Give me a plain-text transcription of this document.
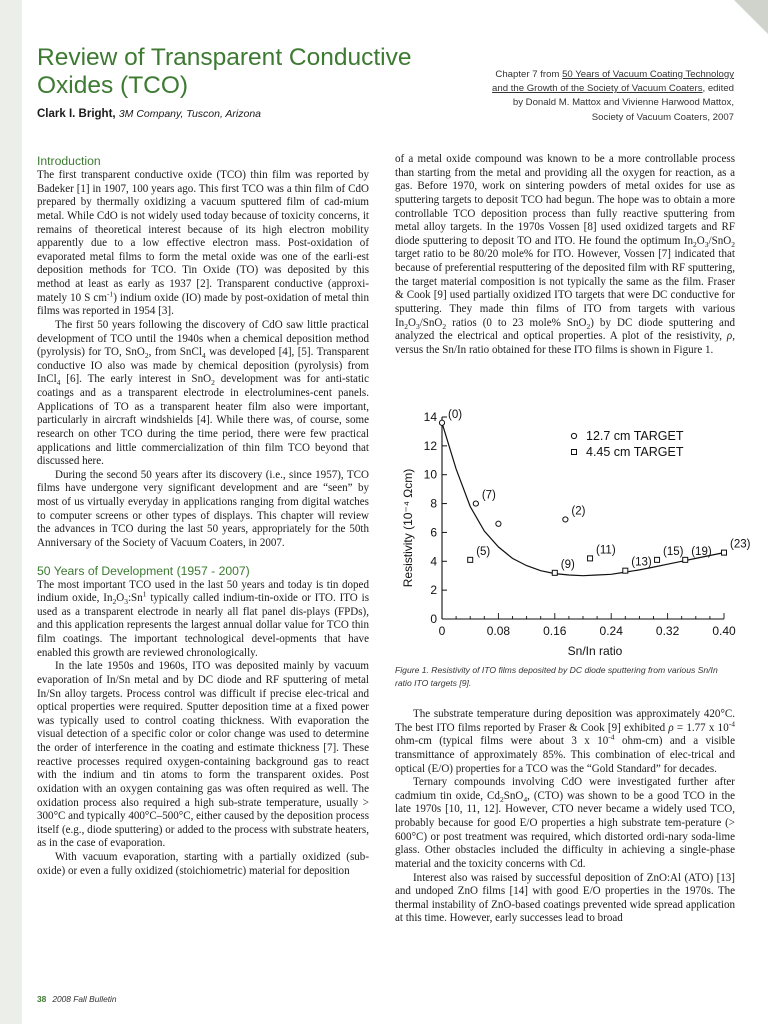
Review of Transparent Conductive Oxides (TCO)
Clark I. Bright, 3M Company, Tuscon, Arizona
Chapter 7 from 50 Years of Vacuum Coating Technology
and the Growth of the Society of Vacuum Coaters, edited
by Donald M. Mattox and Vivienne Harwood Mattox,
Society of Vacuum Coaters, 2007
Introduction

The first transparent conductive oxide (TCO) thin film was reported by Badeker [1] in 1907, 100 years ago. This first TCO was a thin film of CdO prepared by thermally oxidizing a vacuum sputtered film of cad-mium metal. While CdO is not widely used today because of toxicity concerns, it remains of theoretical interest because of its high electron mobility apparently due to a low effective electron mass. Post-oxidation of evaporated metal films to form the metal oxide was one of the earli-est deposition methods for TCO. Tin Oxide (TO) was deposited by this method at least as early as 1937 [2]. Transparent conductive (approxi-mately 10 S $cm^{-1}$) indium oxide (IO) made by post-oxidation of metal thin films was reported in 1954 [3].

The first 50 years following the discovery of CdO saw little practical development of TCO until the 1940s when a chemical deposition method (pyrolysis) for TO, SnO$_2$, from SnCl$_4$ was developed [4], [5]. Transparent conductive IO also was made by chemical deposition (pyrolysis) from InCl$_4$ [6]. The early interest in SnO$_2$ development was for anti-static coatings and as a transparent electrode in electrolumines-cent panels. Applications of TO as a transparent heater film also were important, particularly in aircraft windshields [4]. While there was, of course, some research on other TCO during the time period, there were few practical applications and little commercialization of thin film TCO beyond that discussed here.

During the second 50 years after its discovery (i.e., since 1957), TCO films have undergone very significant development and are “seen” by most of us virtually everyday in applications ranging from digital watches to computer screens or other types of displays. This chapter will review the advances in TCO during the last 50 years, appropriately for the 50th Anniversary of the Society of Vacuum Coaters, in 2007.

50 Years of Development (1957 - 2007)

The most important TCO used in the last 50 years and today is tin doped indium oxide, $In_2O_3:Sn^1$ typically called indium-tin-oxide or ITO. ITO is used as a transparent electrode in nearly all flat panel dis-plays (FPDs), and this application represents the largest annual dollar value for TCO thin film coatings. The important technological devel-opments that have enabled this growth are reviewed chronologically.

In the late 1950s and 1960s, ITO was deposited mainly by vacuum evaporation of In/Sn metal and by DC diode and RF sputtering of metal In/Sn alloy targets. Process control was difficult if precise elec-trical and optical properties were required. Sputter deposition time at a fixed power was typically used to control coating thickness. With evaporation the visual detection of a specific color or color change was used to determine the order of interference in the coating and estimate thickness [7]. These reactive processes required oxygen-containing background gas to react with the indium and tin atoms to form the transparent oxides. Post oxidation with an oxygen containing gas was often required as well. The oxidation process also required a high sub-strate temperature, usually > 300°C and typically 400°C–500°C, either caused by the deposition process itself (e.g., diode sputtering) or added to the process with substrate heaters, as in the case of evaporation.

With vacuum evaporation, starting with a partially oxidized (sub-oxide) or even a fully oxidized (stoichiometric) material for deposition

of a metal oxide compound was known to be a more controllable process than starting from the metal and providing all the oxygen for reaction, as a gas. Before 1970, work on sintering powders of metal oxides for use as sputtering targets to deposit TCO had begun. The hope was to obtain a more controllable TCO deposition process than fully reactive sputtering from metal alloy targets. In the 1970s Vossen [8] used oxidized targets and RF diode sputtering to deposit TO and ITO. He found the optimum $In_2O_3/SnO_2$ target ratio to be 80/20 mole% for ITO. However, Vossen [7] indicated that because of preferential resputtering of the deposited film with RF sputtering, the target material composition is not typically the same as the film. Fraser & Cook [9] used partially oxidized ITO targets that were DC conductive for sputtering. They made thin films of ITO from targets with various $In_2O_3/SnO_2$ ratios (0 to 23 mole% SnO$_2$) by DC diode sputtering and analyzed the electrical and optical properties. A plot of the resistivity, ρ, versus the Sn/In ratio obtained for these ITO films is shown in Figure 1.

0
2
4
6
8
10
12
14
0	0.08	0.16	0.24	0.32	0.40
Sn/In ratio
Resistivity (10⁻⁴ Ωcm)
(0)
(7)
(2)
(5)
(9)
(11)
(13)
(15) (19)
(23)
12.7 cm TARGET
4.45 cm TARGET
Figure 1. Resistivity of ITO films deposited by DC diode sputtering from various Sn/In ratio ITO targets [9].

The substrate temperature during deposition was approximately 420°C. The best ITO films reported by Fraser & Cook [9] exhibited ρ = 1.77 x $10^{-4}$ ohm-cm (typical films were about 3 x $10^{-4}$ ohm-cm) and a visible transmittance of approximately 85%. This combination of elec-trical and optical (E/O) properties for a TCO was the “Gold Standard” for decades.

Ternary compounds involving CdO were investigated further after cadmium tin oxide, $Cd_2SnO_4$, (CTO) was shown to be a good TCO in the late 1970s [10, 11, 12]. However, CTO never became a widely used TCO, probably because for good E/O properties a high substrate tem-perature (> 600°C) or post treatment was required, which distorted ordi-nary soda-lime glass. Other obstacles included the difficulty in achieving a single-phase material and the toxicity concerns with Cd.

Interest also was raised by successful deposition of ZnO:Al (ATO) [13] and undoped ZnO films [14] with good E/O properties in the 1970s. The thermal instability of ZnO-based coatings prevented wide spread application at this time. However, early successes lead to broad

38 2008 Fall Bulletin
